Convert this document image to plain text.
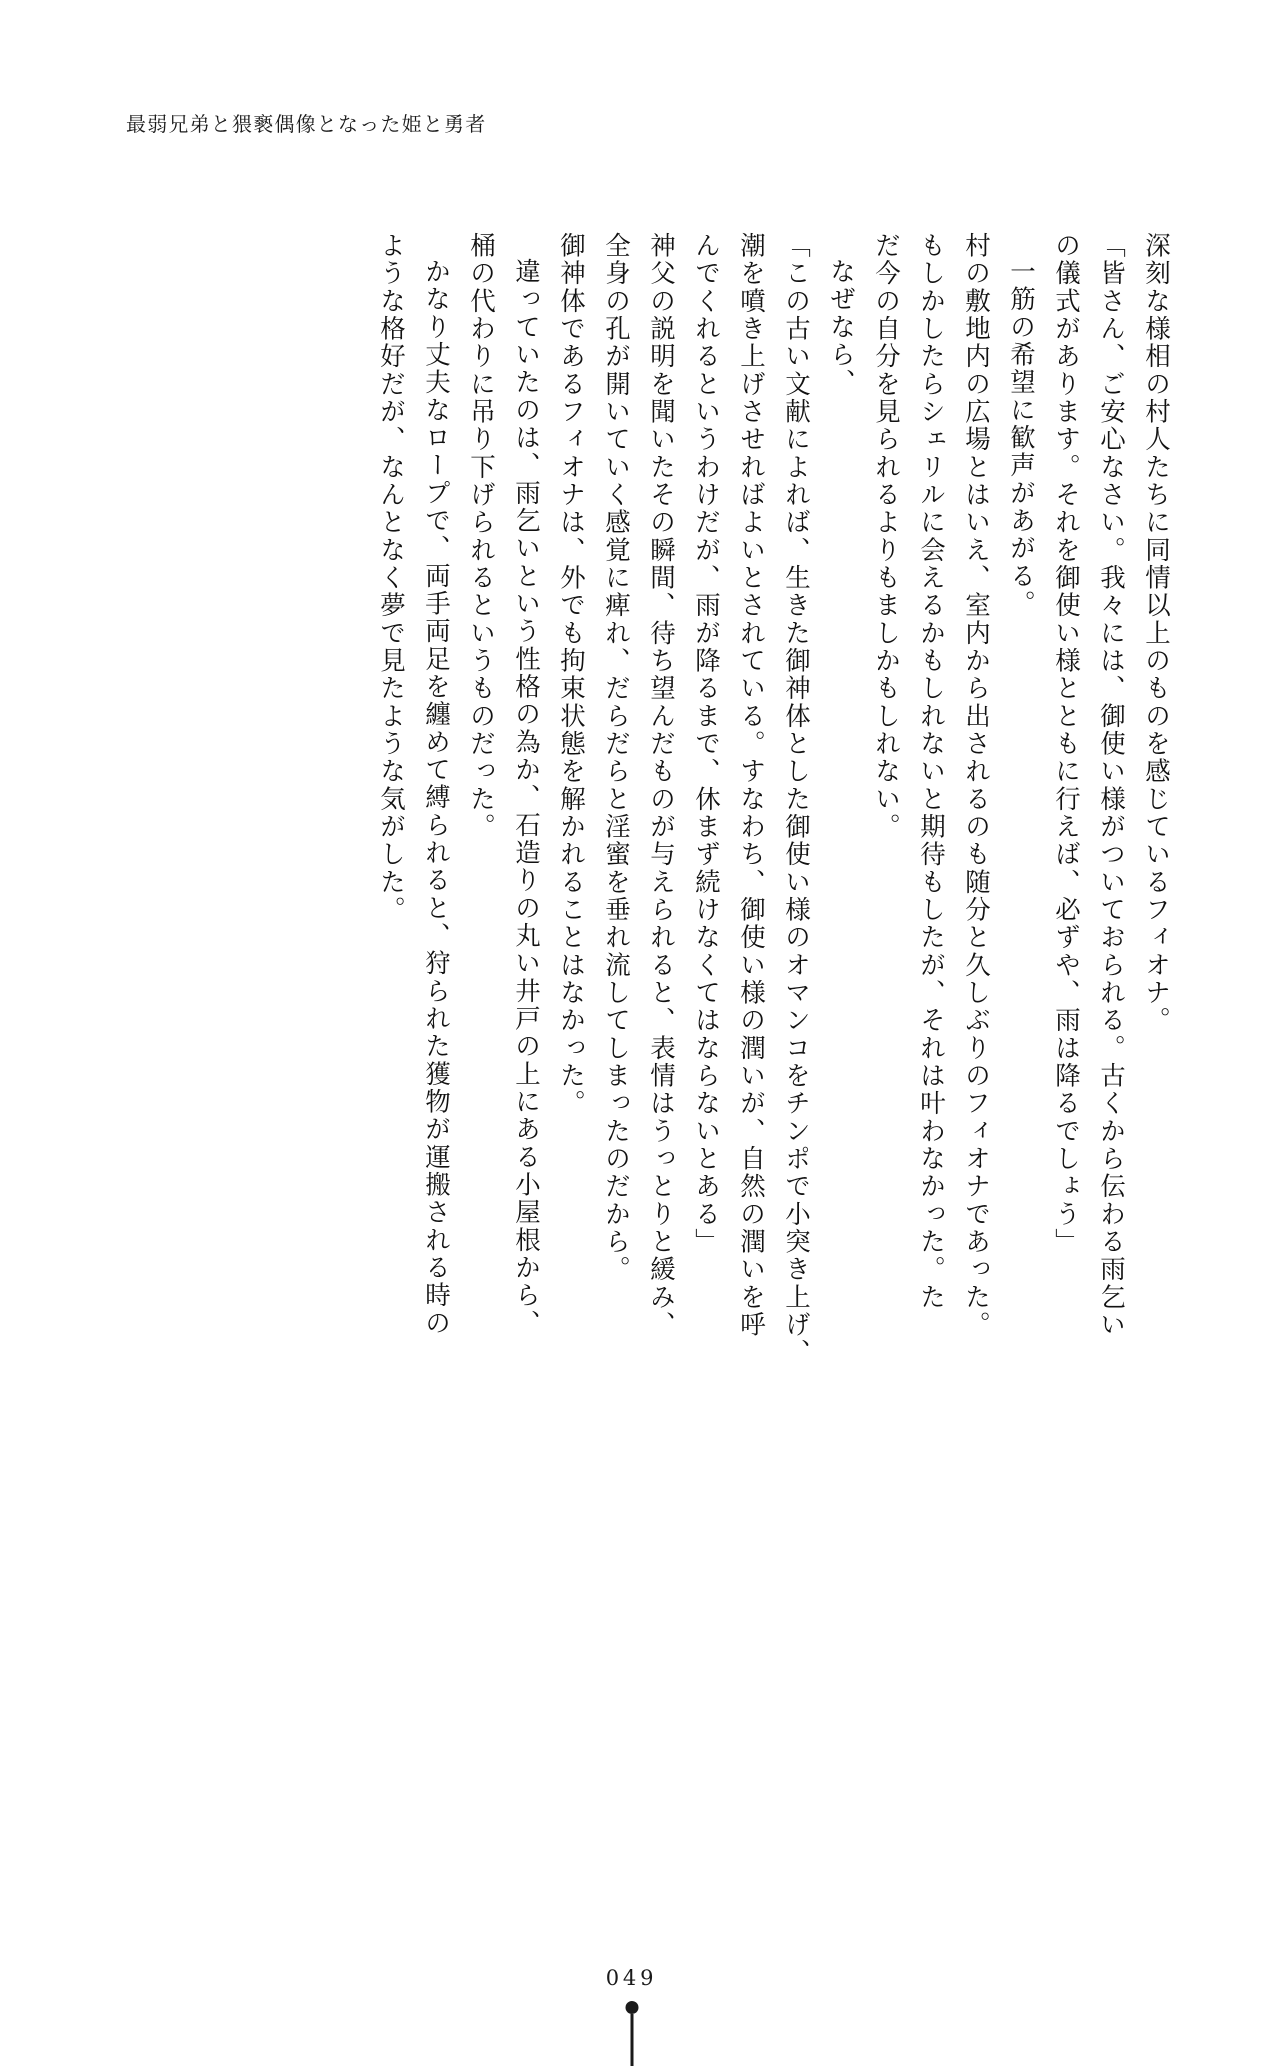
最弱兄弟と猥褻偶像となった姫と勇者
深刻な様相の村人たちに同情以上のものを感じているフィオナ。
「皆さん、ご安心なさい。我々には、御使い様がついておられる。古くから伝わる雨乞い
の儀式があります。それを御使い様とともに行えば、必ずや、雨は降るでしょう」
一筋の希望に歓声があがる。
村の敷地内の広場とはいえ、室内から出されるのも随分と久しぶりのフィオナであった。
もしかしたらシェリルに会えるかもしれないと期待もしたが、それは叶わなかった。た
だ今の自分を見られるよりもましかもしれない。
なぜなら、
「この古い文献によれば、生きた御神体とした御使い様のオマンコをチンポで小突き上げ、
潮を噴き上げさせればよいとされている。すなわち、御使い様の潤いが、自然の潤いを呼
んでくれるというわけだが、雨が降るまで、休まず続けなくてはならないとある」
神父の説明を聞いたその瞬間、待ち望んだものが与えられると、表情はうっとりと緩み、
全身の孔が開いていく感覚に痺れ、だらだらと淫蜜を垂れ流してしまったのだから。
御神体であるフィオナは、外でも拘束状態を解かれることはなかった。
違っていたのは、雨乞いという性格の為か、石造りの丸い井戸の上にある小屋根から、
桶の代わりに吊り下げられるというものだった。
かなり丈夫なロープで、両手両足を纏めて縛られると、狩られた獲物が運搬される時の
ような格好だが、なんとなく夢で見たような気がした。
049
